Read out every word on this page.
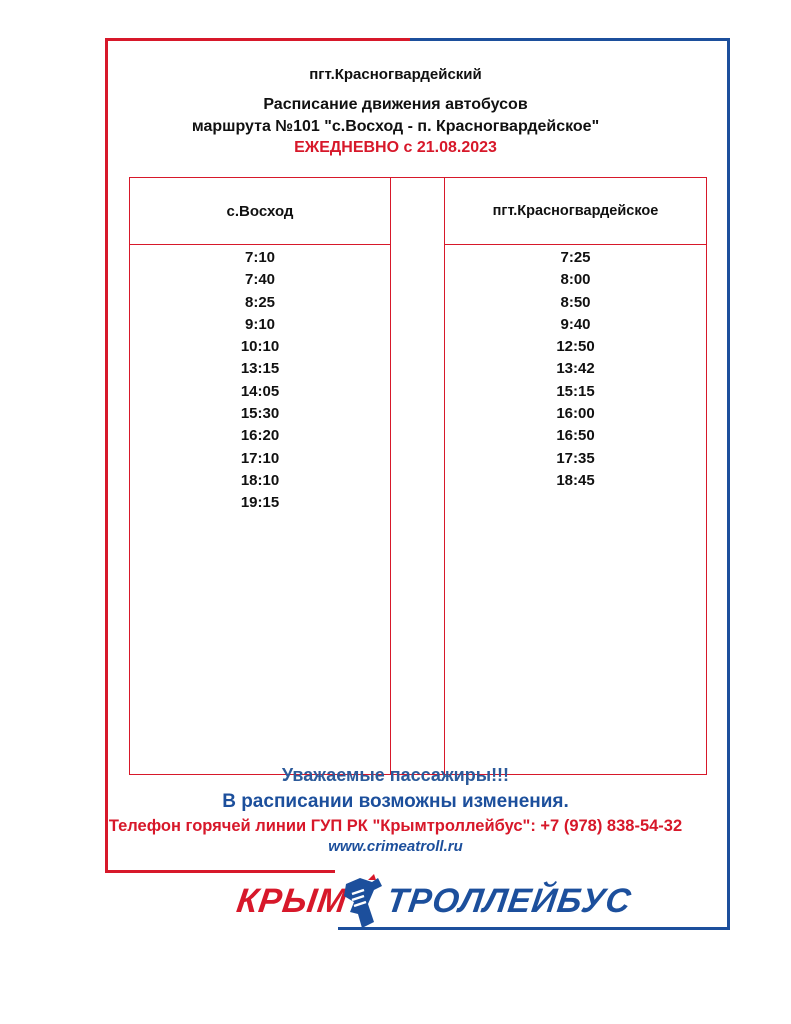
пгт.Красногвардейский
Расписание движения автобусов
маршрута №101 "с.Восход - п. Красногвардейское"
ЕЖЕДНЕВНО с 21.08.2023
с.Восход
7:10
7:40
8:25
9:10
10:10
13:15
14:05
15:30
16:20
17:10
18:10
19:15
пгт.Красногвардейское
7:25
8:00
8:50
9:40
12:50
13:42
15:15
16:00
16:50
17:35
18:45
Уважаемые пассажиры!!!
В расписании возможны изменения.
Телефон горячей линии ГУП РК "Крымтроллейбус": +7 (978) 838-54-32
www.crimeatroll.ru
КРЫМ ТРОЛЛЕЙБУС
